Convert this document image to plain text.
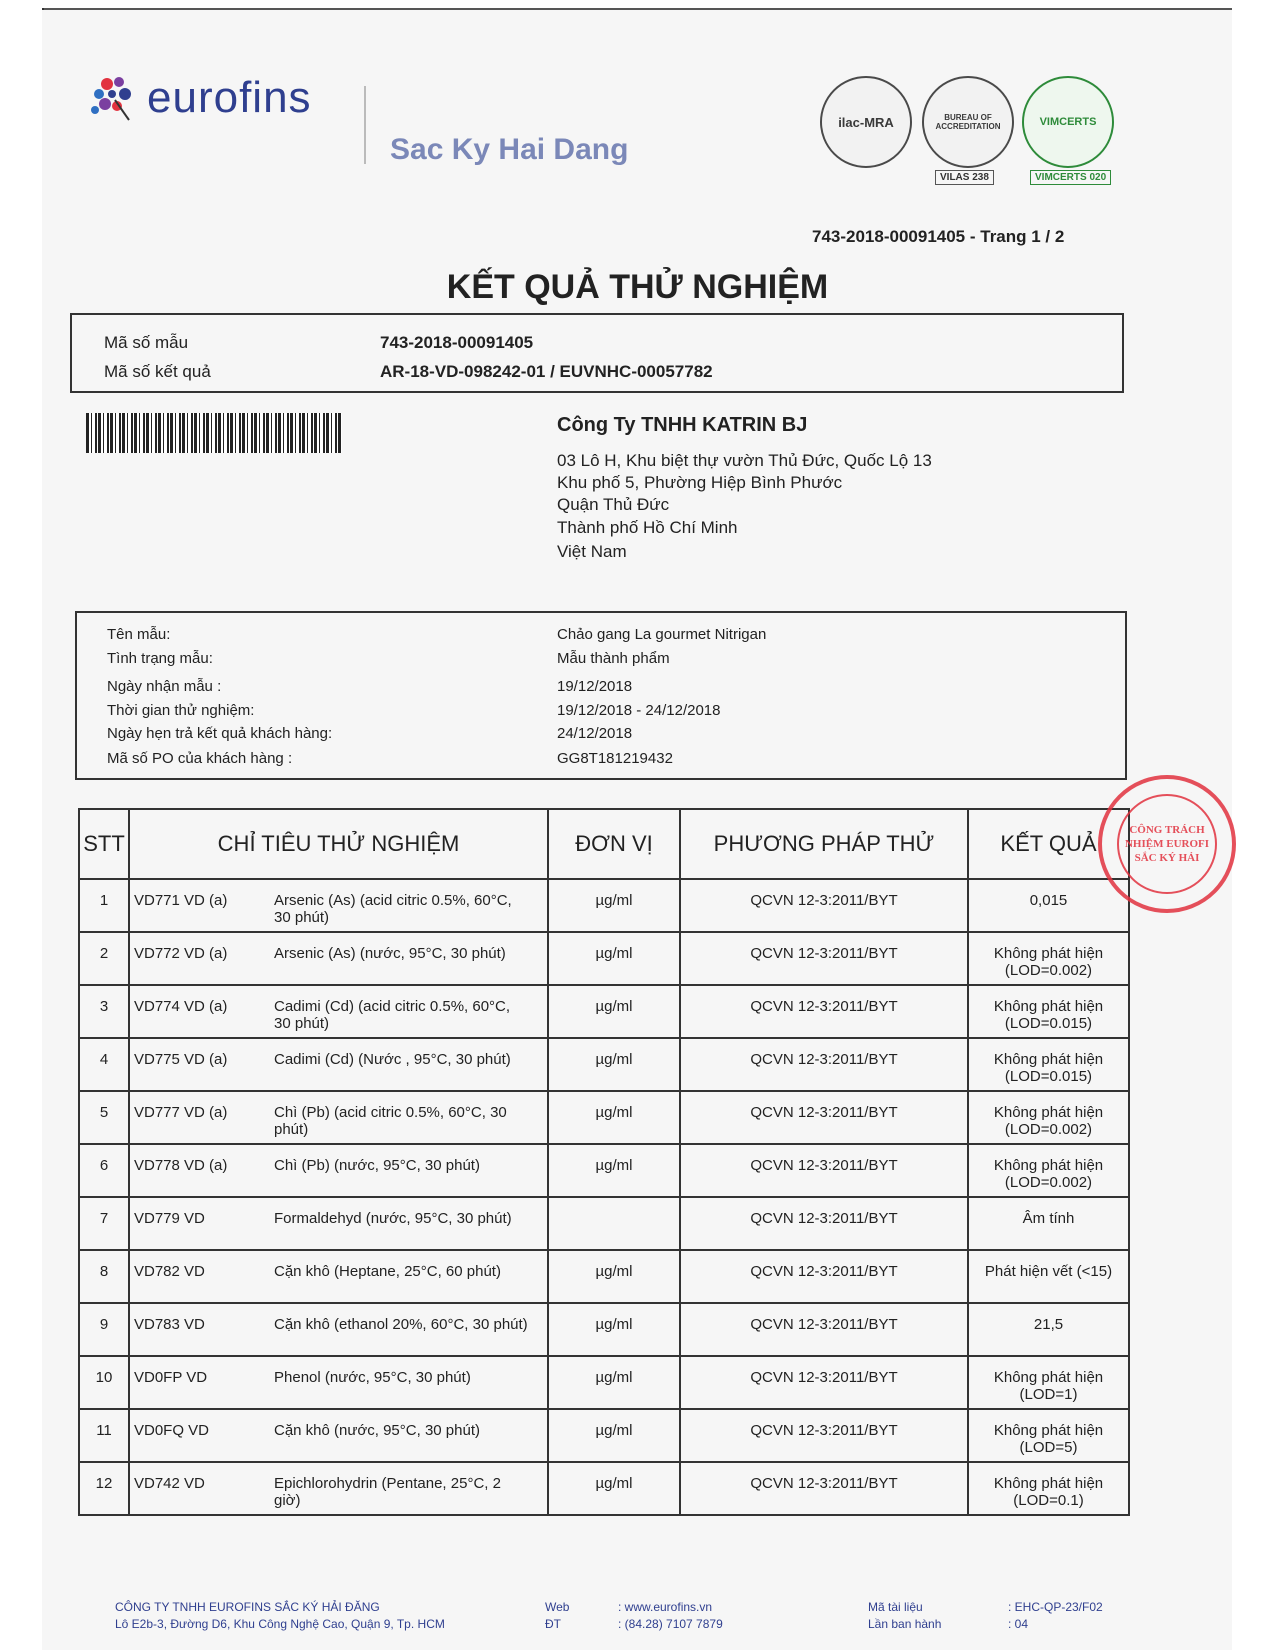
eurofins
Sac Ky Hai Dang
ilac-MRA	BUREAU OF ACCREDITATION
VILAS 238
VIMCERTS
VIMCERTS 020
743-2018-00091405 - Trang 1 / 2
KẾT QUẢ THỬ NGHIỆM
Mã số mẫu	743-2018-00091405
Mã số kết quả	AR-18-VD-098242-01 / EUVNHC-00057782
Công Ty TNHH KATRIN BJ
03 Lô H, Khu biệt thự vườn Thủ Đức, Quốc Lộ 13
Khu phố 5, Phường Hiệp Bình Phước
Quận Thủ Đức
Thành phố Hồ Chí Minh
Việt Nam
Tên mẫu:	Chảo gang La gourmet Nitrigan
Tình trạng mẫu:	Mẫu thành phẩm
Ngày nhận mẫu :	19/12/2018
Thời gian thử nghiệm:	19/12/2018 - 24/12/2018
Ngày hẹn trả kết quả khách hàng:	24/12/2018
Mã số PO của khách hàng :	GG8T181219432
STT	CHỈ TIÊU THỬ NGHIỆM	ĐƠN VỊ	PHƯƠNG PHÁP THỬ	KẾT QUẢ
1	VD771 VD (a) Arsenic (As) (acid citric 0.5%, 60°C, 30 phút)	µg/ml	QCVN 12-3:2011/BYT	0,015
2	VD772 VD (a) Arsenic (As) (nước, 95°C, 30 phút)	µg/ml	QCVN 12-3:2011/BYT	Không phát hiện (LOD=0.002)
3	VD774 VD (a) Cadimi (Cd) (acid citric 0.5%, 60°C, 30 phút)	µg/ml	QCVN 12-3:2011/BYT	Không phát hiện (LOD=0.015)
4	VD775 VD (a) Cadimi (Cd) (Nước , 95°C, 30 phút)	µg/ml	QCVN 12-3:2011/BYT	Không phát hiện (LOD=0.015)
5	VD777 VD (a) Chì (Pb) (acid citric 0.5%, 60°C, 30 phút)	µg/ml	QCVN 12-3:2011/BYT	Không phát hiện (LOD=0.002)
6	VD778 VD (a) Chì (Pb) (nước, 95°C, 30 phút)	µg/ml	QCVN 12-3:2011/BYT	Không phát hiện (LOD=0.002)
7	VD779 VD Formaldehyd (nước, 95°C, 30 phút)		QCVN 12-3:2011/BYT	Âm tính
8	VD782 VD Cặn khô (Heptane, 25°C, 60 phút)	µg/ml	QCVN 12-3:2011/BYT	Phát hiện vết (<15)
9	VD783 VD Cặn khô (ethanol 20%, 60°C, 30 phút)	µg/ml	QCVN 12-3:2011/BYT	21,5
10	VD0FP VD Phenol (nước, 95°C, 30 phút)	µg/ml	QCVN 12-3:2011/BYT	Không phát hiện (LOD=1)
11	VD0FQ VD Cặn khô (nước, 95°C, 30 phút)	µg/ml	QCVN 12-3:2011/BYT	Không phát hiện (LOD=5)
12	VD742 VD Epichlorohydrin (Pentane, 25°C, 2 giờ)	µg/ml	QCVN 12-3:2011/BYT	Không phát hiện (LOD=0.1)
CÔNG TRÁCH NHIỆM EUROFI SẮC KÝ HẢI
CÔNG TY TNHH EUROFINS SẮC KÝ HẢI ĐĂNG
Lô E2b-3, Đường D6, Khu Công Nghệ Cao, Quận 9, Tp. HCM
Web	: www.eurofins.vn
ĐT	: (84.28) 7107 7879
Mã tài liệu	: EHC-QP-23/F02
Lần ban hành	: 04
